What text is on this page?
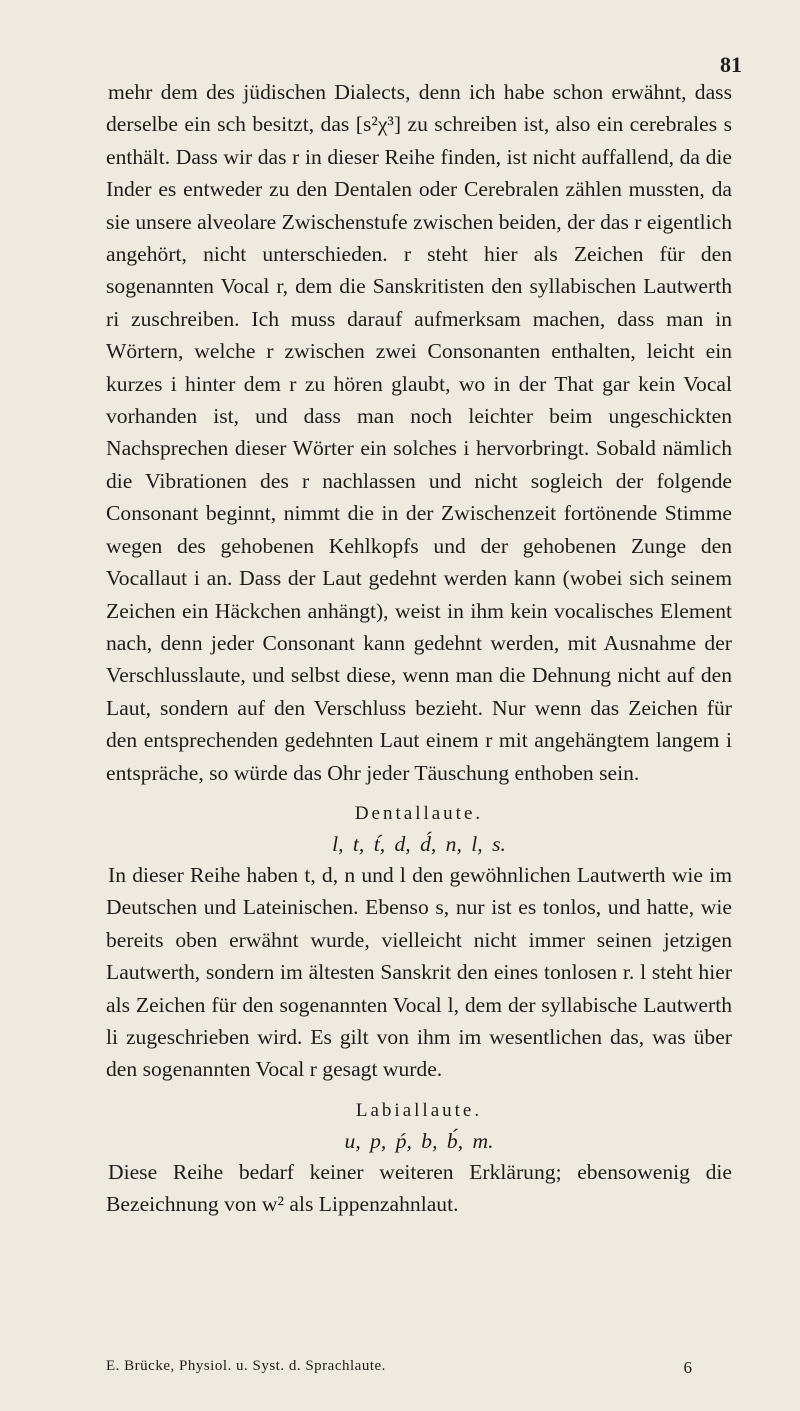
81

mehr dem des jüdischen Dialects, denn ich habe schon erwähnt, dass derselbe ein sch besitzt, das [s²χ³] zu schreiben ist, also ein cerebrales s enthält. Dass wir das r in dieser Reihe finden, ist nicht auffallend, da die Inder es entweder zu den Dentalen oder Cerebralen zählen mussten, da sie unsere alveolare Zwischenstufe zwischen beiden, der das r eigentlich angehört, nicht unterschieden. r steht hier als Zeichen für den sogenannten Vocal r, dem die Sanskritisten den syllabischen Lautwerth ri zuschreiben. Ich muss darauf aufmerksam machen, dass man in Wörtern, welche r zwischen zwei Consonanten enthalten, leicht ein kurzes i hinter dem r zu hören glaubt, wo in der That gar kein Vocal vorhanden ist, und dass man noch leichter beim ungeschickten Nachsprechen dieser Wörter ein solches i hervorbringt. Sobald nämlich die Vibrationen des r nachlassen und nicht sogleich der folgende Consonant beginnt, nimmt die in der Zwischenzeit fortönende Stimme wegen des gehobenen Kehlkopfs und der gehobenen Zunge den Vocallaut i an. Dass der Laut gedehnt werden kann (wobei sich seinem Zeichen ein Häckchen anhängt), weist in ihm kein vocalisches Element nach, denn jeder Consonant kann gedehnt werden, mit Ausnahme der Verschlusslaute, und selbst diese, wenn man die Dehnung nicht auf den Laut, sondern auf den Verschluss bezieht. Nur wenn das Zeichen für den entsprechenden gedehnten Laut einem r mit angehängtem langem i entspräche, so würde das Ohr jeder Täuschung enthoben sein.

Dentallaute.
l, t, t́, d, d́, n, l, s.

In dieser Reihe haben t, d, n und l den gewöhnlichen Lautwerth wie im Deutschen und Lateinischen. Ebenso s, nur ist es tonlos, und hatte, wie bereits oben erwähnt wurde, vielleicht nicht immer seinen jetzigen Lautwerth, sondern im ältesten Sanskrit den eines tonlosen r. l steht hier als Zeichen für den sogenannten Vocal l, dem der syllabische Lautwerth li zugeschrieben wird. Es gilt von ihm im wesentlichen das, was über den sogenannten Vocal r gesagt wurde.

Labiallaute.
u, p, ṕ, b, b́, m.

Diese Reihe bedarf keiner weiteren Erklärung; ebensowenig die Bezeichnung von w² als Lippenzahnlaut.

E. Brücke, Physiol. u. Syst. d. Sprachlaute.	6
